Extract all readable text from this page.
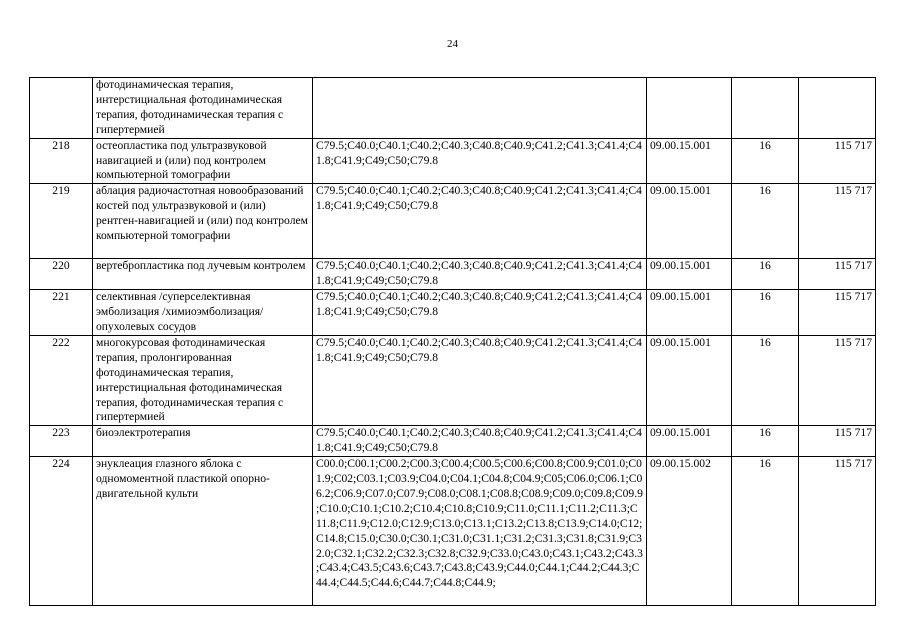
24
	фотодинамическая терапия, интерстициальная фотодинамическая терапия, фотодинамическая терапия с гипертермией				
218	остеопластика под ультразвуковой навигацией и (или) под контролем компьютерной томографии	C79.5;C40.0;C40.1;C40.2;C40.3;C40.8;C40.9;C41.2;C41.3;C41.4;C41.8;C41.9;C49;C50;C79.8	09.00.15.001	16	115 717
219	аблация радиочастотная новообразований костей под ультразвуковой и (или) рентген-навигацией и (или) под контролем компьютерной томографии	C79.5;C40.0;C40.1;C40.2;C40.3;C40.8;C40.9;C41.2;C41.3;C41.4;C41.8;C41.9;C49;C50;C79.8	09.00.15.001	16	115 717
220	вертебропластика под лучевым контролем	C79.5;C40.0;C40.1;C40.2;C40.3;C40.8;C40.9;C41.2;C41.3;C41.4;C41.8;C41.9;C49;C50;C79.8	09.00.15.001	16	115 717
221	селективная /суперселективная эмболизация /химиоэмболизация/ опухолевых сосудов	C79.5;C40.0;C40.1;C40.2;C40.3;C40.8;C40.9;C41.2;C41.3;C41.4;C41.8;C41.9;C49;C50;C79.8	09.00.15.001	16	115 717
222	многокурсовая фотодинамическая терапия, пролонгированная фотодинамическая терапия, интерстициальная фотодинамическая терапия, фотодинамическая терапия с гипертермией	C79.5;C40.0;C40.1;C40.2;C40.3;C40.8;C40.9;C41.2;C41.3;C41.4;C41.8;C41.9;C49;C50;C79.8	09.00.15.001	16	115 717
223	биоэлектротерапия	C79.5;C40.0;C40.1;C40.2;C40.3;C40.8;C40.9;C41.2;C41.3;C41.4;C41.8;C41.9;C49;C50;C79.8	09.00.15.001	16	115 717
224	энуклеация глазного яблока с одномоментной пластикой опорно-двигательной культи	C00.0;C00.1;C00.2;C00.3;C00.4;C00.5;C00.6;C00.8;C00.9;C01.0;C01.9;C02;C03.1;C03.9;C04.0;C04.1;C04.8;C04.9;C05;C06.0;C06.1;C06.2;C06.9;C07.0;C07.9;C08.0;C08.1;C08.8;C08.9;C09.0;C09.8;C09.9;C10.0;C10.1;C10.2;C10.4;C10.8;C10.9;C11.0;C11.1;C11.2;C11.3;C11.8;C11.9;C12.0;C12.9;C13.0;C13.1;C13.2;C13.8;C13.9;C14.0;C12;C14.8;C15.0;C30.0;C30.1;C31.0;C31.1;C31.2;C31.3;C31.8;C31.9;C32.0;C32.1;C32.2;C32.3;C32.8;C32.9;C33.0;C43.0;C43.1;C43.2;C43.3;C43.4;C43.5;C43.6;C43.7;C43.8;C43.9;C44.0;C44.1;C44.2;C44.3;C44.4;C44.5;C44.6;C44.7;C44.8;C44.9;	09.00.15.002	16	115 717
